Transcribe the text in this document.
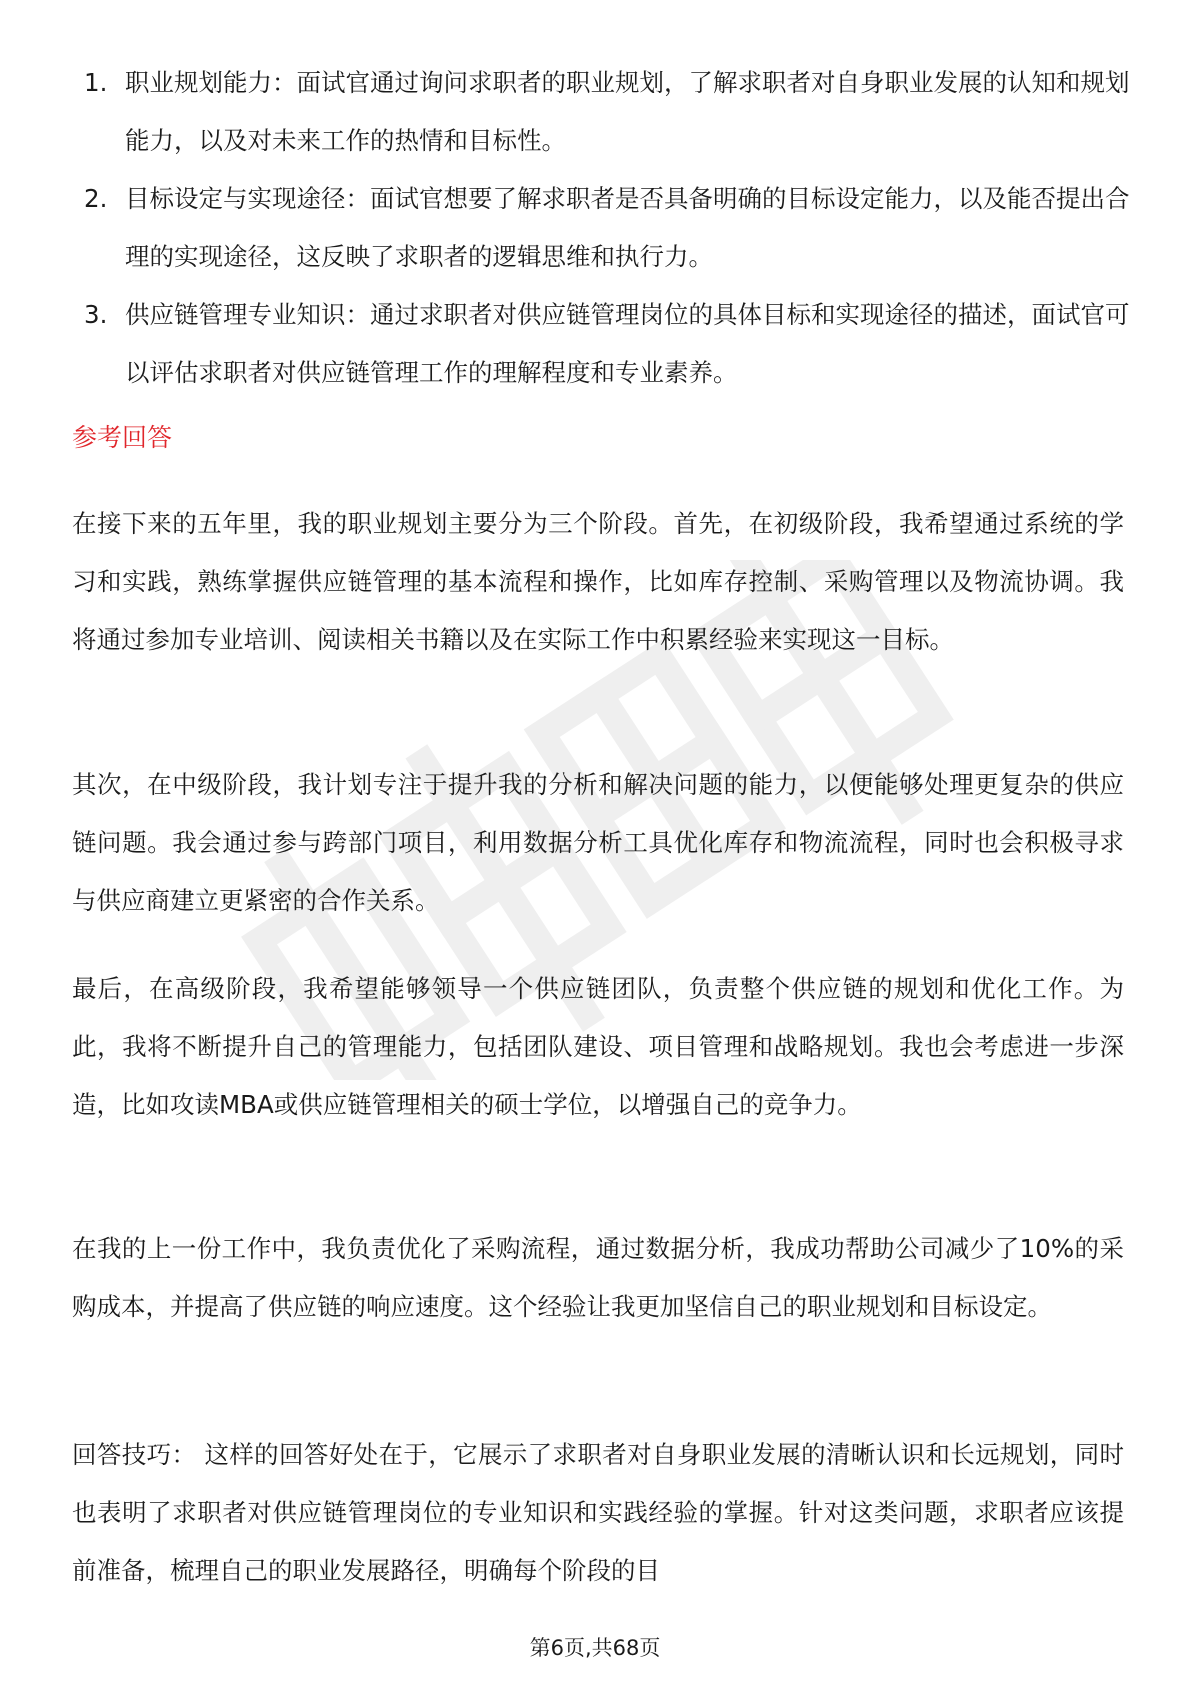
1. 职业规划能力：面试官通过询问求职者的职业规划，了解求职者对自身职业发展的认知和规划能力，以及对未来工作的热情和目标性。
2. 目标设定与实现途径：面试官想要了解求职者是否具备明确的目标设定能力，以及能否提出合理的实现途径，这反映了求职者的逻辑思维和执行力。
3. 供应链管理专业知识：通过求职者对供应链管理岗位的具体目标和实现途径的描述，面试官可以评估求职者对供应链管理工作的理解程度和专业素养。
参考回答

在接下来的五年里，我的职业规划主要分为三个阶段。首先，在初级阶段，我希望通过系统的学习和实践，熟练掌握供应链管理的基本流程和操作，比如库存控制、采购管理以及物流协调。我将通过参加专业培训、阅读相关书籍以及在实际工作中积累经验来实现这一目标。

其次，在中级阶段，我计划专注于提升我的分析和解决问题的能力，以便能够处理更复杂的供应链问题。我会通过参与跨部门项目，利用数据分析工具优化库存和物流流程，同时也会积极寻求与供应商建立更紧密的合作关系。

最后，在高级阶段，我希望能够领导一个供应链团队，负责整个供应链的规划和优化工作。为此，我将不断提升自己的管理能力，包括团队建设、项目管理和战略规划。我也会考虑进一步深造，比如攻读MBA或供应链管理相关的硕士学位，以增强自己的竞争力。

在我的上一份工作中，我负责优化了采购流程，通过数据分析，我成功帮助公司减少了10%的采购成本，并提高了供应链的响应速度。这个经验让我更加坚信自己的职业规划和目标设定。

回答技巧： 这样的回答好处在于，它展示了求职者对自身职业发展的清晰认识和长远规划，同时也表明了求职者对供应链管理岗位的专业知识和实践经验的掌握。针对这类问题，求职者应该提前准备，梳理自己的职业发展路径，明确每个阶段的目

第6页,共68页
